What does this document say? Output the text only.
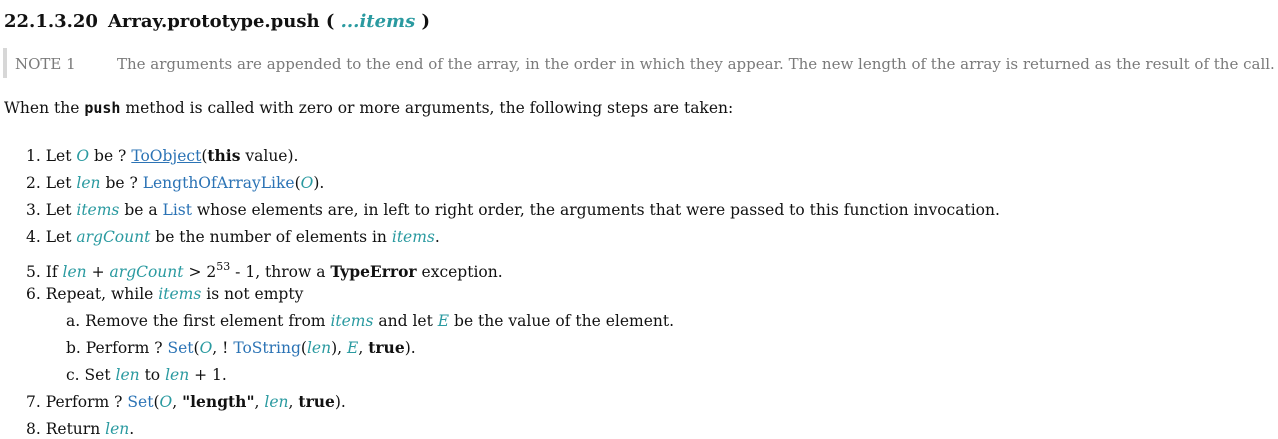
22.1.3.20 Array.prototype.push ( ...items )
NOTE 1	The arguments are appended to the end of the array, in the order in which they appear. The new length of the array is returned as the result of the call.
When the push method is called with zero or more arguments, the following steps are taken:
1. Let O be ? ToObject(this value).
2. Let len be ? LengthOfArrayLike(O).
3. Let items be a List whose elements are, in left to right order, the arguments that were passed to this function invocation.
4. Let argCount be the number of elements in items.
5. If len + argCount > $2^{53} - 1$, throw a TypeError exception.
6. Repeat, while items is not empty
a. Remove the first element from items and let E be the value of the element.
b. Perform ? Set(O, ! ToString(len), E, true).
c. Set len to len + 1.
7. Perform ? Set(O, "length", len, true).
8. Return len.
